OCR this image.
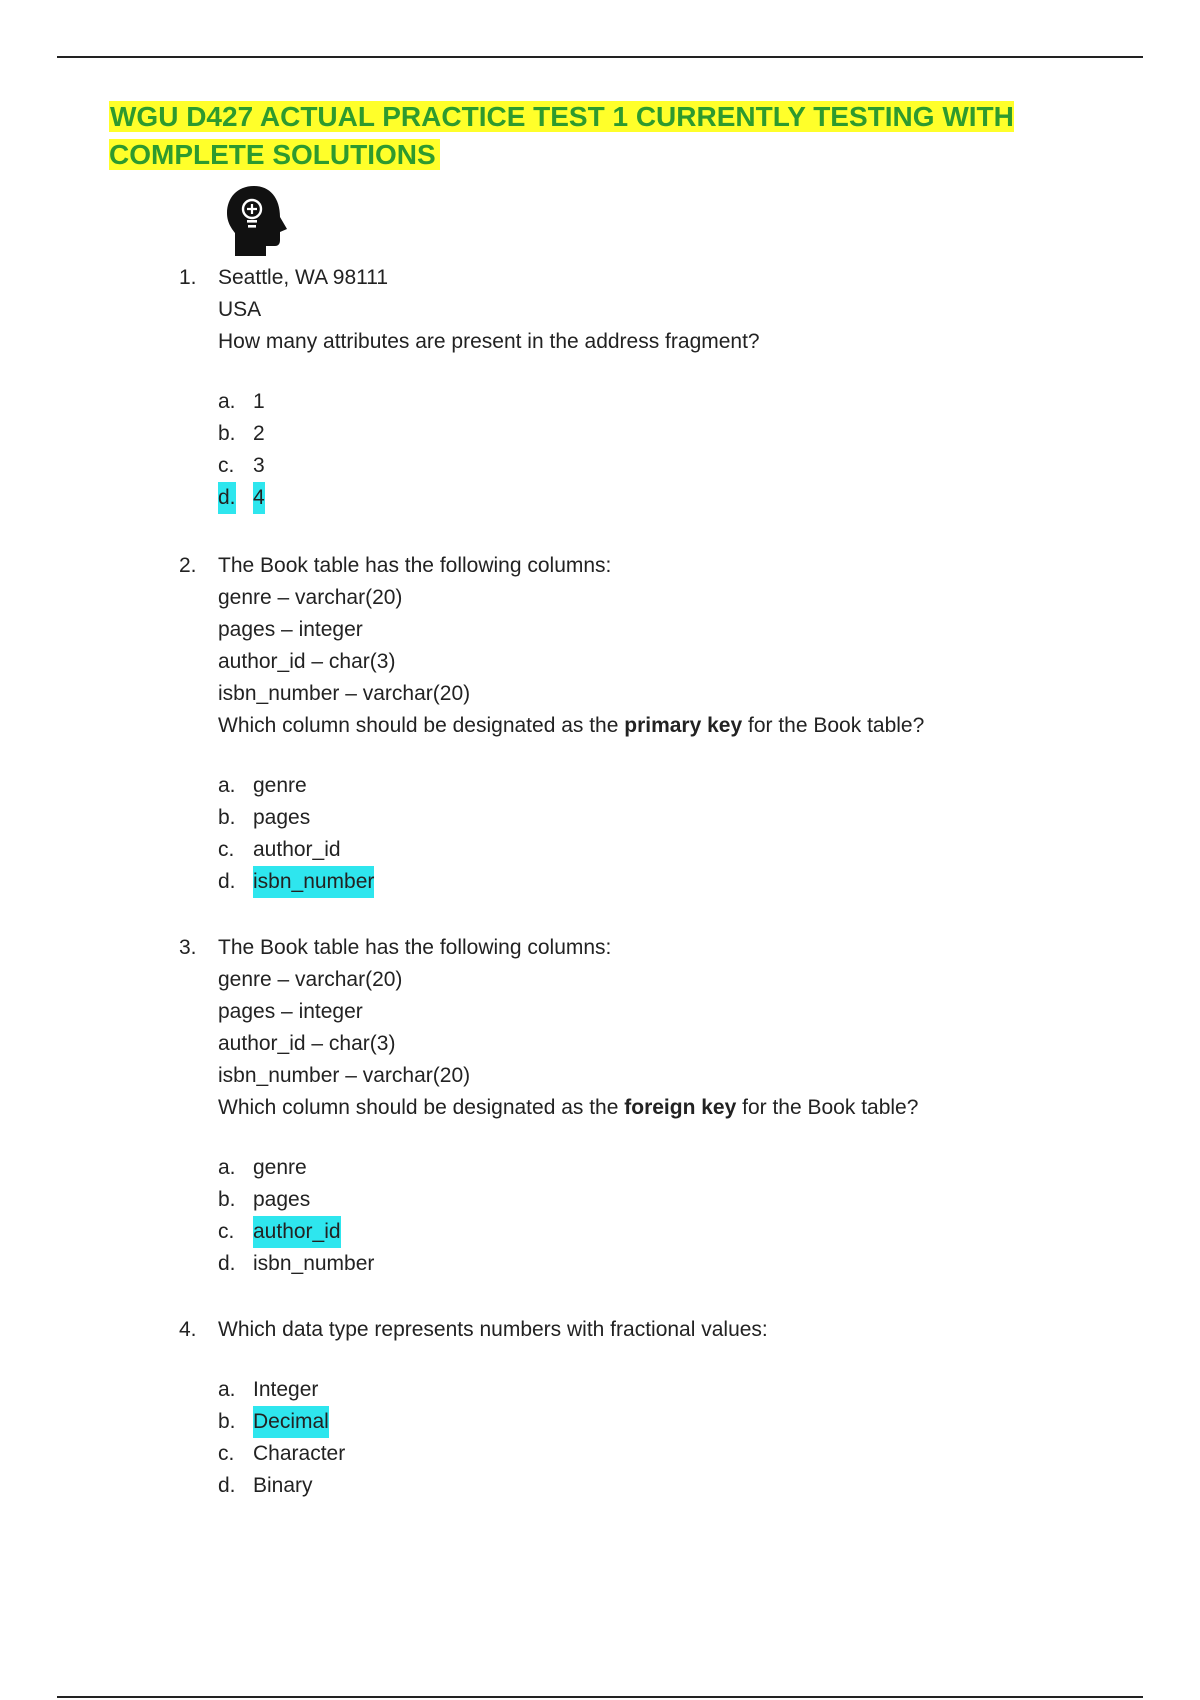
WGU D427 ACTUAL PRACTICE TEST 1 CURRENTLY TESTING WITH COMPLETE SOLUTIONS
1.	Seattle, WA 98111
USA
How many attributes are present in the address fragment?
a. 1
b. 2
c. 3
d. 4
2.	The Book table has the following columns:
genre – varchar(20)
pages – integer
author_id – char(3)
isbn_number – varchar(20)
Which column should be designated as the primary key for the Book table?
a. genre
b. pages
c. author_id
d. isbn_number
3.	The Book table has the following columns:
genre – varchar(20)
pages – integer
author_id – char(3)
isbn_number – varchar(20)
Which column should be designated as the foreign key for the Book table?
a. genre
b. pages
c. author_id
d. isbn_number
4.	Which data type represents numbers with fractional values:
a. Integer
b. Decimal
c. Character
d. Binary
